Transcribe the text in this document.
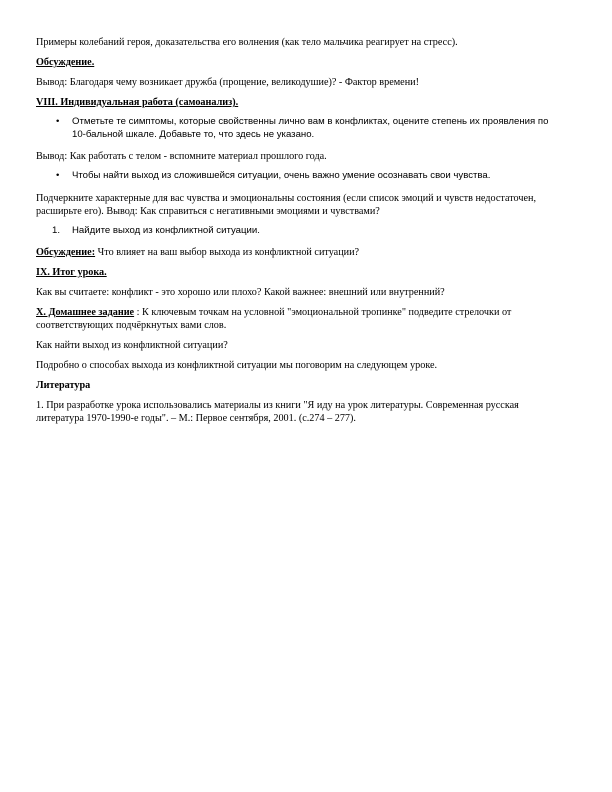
Примеры колебаний героя, доказательства его волнения (как тело мальчика реагирует на стресс).

Обсуждение.

Вывод: Благодаря чему возникает дружба (прощение, великодушие)? - Фактор времени!

VIII. Индивидуальная работа (самоанализ).

• Отметьте те симптомы, которые свойственны лично вам в конфликтах, оцените степень их проявления по 10-бальной шкале. Добавьте то, что здесь не указано.

Вывод: Как работать с телом - вспомните материал прошлого года.

• Чтобы найти выход из сложившейся ситуации, очень важно умение осознавать свои чувства.

Подчеркните характерные для вас чувства и эмоциональны состояния (если список эмоций и чувств недостаточен, расширьте его). Вывод: Как справиться с негативными эмоциями и чувствами?

1. Найдите выход из конфликтной ситуации.

Обсуждение: Что влияет на ваш выбор выхода из конфликтной ситуации?

IX. Итог урока.

Как вы считаете: конфликт - это хорошо или плохо? Какой важнее: внешний или внутренний?

X. Домашнее задание : К ключевым точкам на условной "эмоциональной тропинке" подведите стрелочки от соответствующих подчёркнутых вами слов.

Как найти выход из конфликтной ситуации?

Подробно о способах выхода из конфликтной ситуации мы поговорим на следующем уроке.

Литература

1. При разработке урока использовались материалы из книги "Я иду на урок литературы. Современная русская литература 1970-1990-е годы". – М.: Первое сентября, 2001. (с.274 – 277).
